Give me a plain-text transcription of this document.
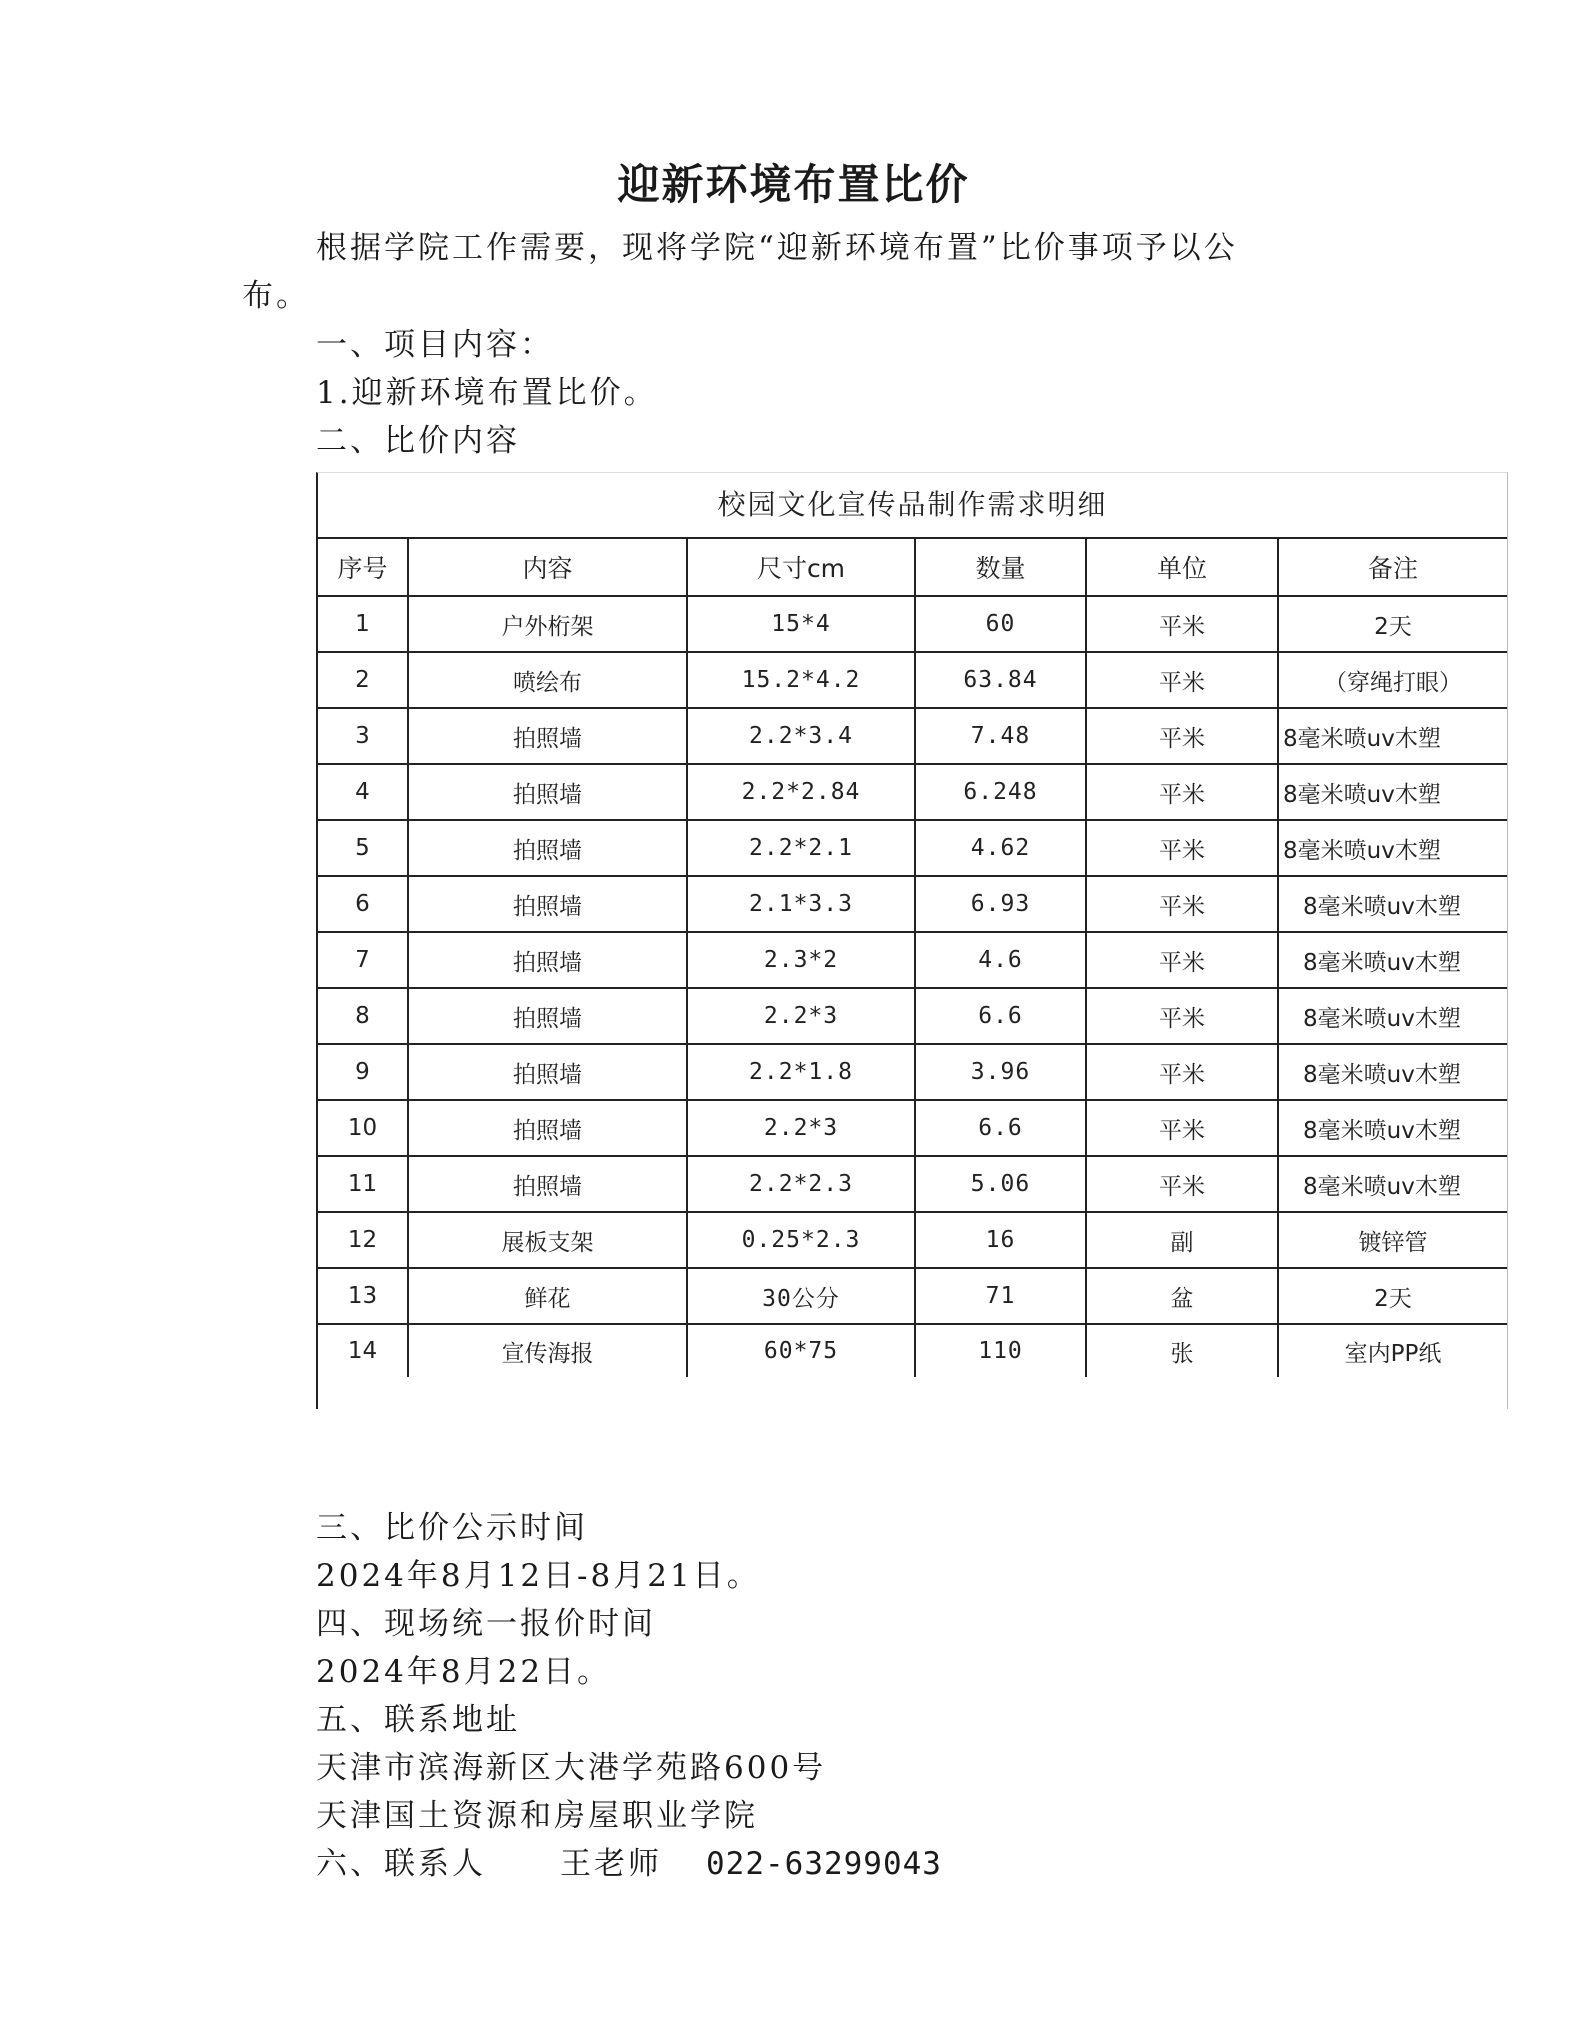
迎新环境布置比价
根据学院工作需要，现将学院“迎新环境布置”比价事项予以公
布。
一、项目内容：
1.迎新环境布置比价。
二、比价内容
校园文化宣传品制作需求明细
序号	内容	尺寸cm	数量	单位	备注
1	户外桁架	15*4	60	平米	2天
2	喷绘布	15.2*4.2	63.84	平米	（穿绳打眼）
3	拍照墙	2.2*3.4	7.48	平米	8毫米喷uv木塑
4	拍照墙	2.2*2.84	6.248	平米	8毫米喷uv木塑
5	拍照墙	2.2*2.1	4.62	平米	8毫米喷uv木塑
6	拍照墙	2.1*3.3	6.93	平米	8毫米喷uv木塑
7	拍照墙	2.3*2	4.6	平米	8毫米喷uv木塑
8	拍照墙	2.2*3	6.6	平米	8毫米喷uv木塑
9	拍照墙	2.2*1.8	3.96	平米	8毫米喷uv木塑
10	拍照墙	2.2*3	6.6	平米	8毫米喷uv木塑
11	拍照墙	2.2*2.3	5.06	平米	8毫米喷uv木塑
12	展板支架	0.25*2.3	16	副	镀锌管
13	鲜花	30公分	71	盆	2天
14	宣传海报	60*75	110	张	室内PP纸
三、比价公示时间
2024年8月12日-8月21日。
四、现场统一报价时间
2024年8月22日。
五、联系地址
天津市滨海新区大港学苑路600号
天津国土资源和房屋职业学院
六、联系人 王老师 022-63299043
